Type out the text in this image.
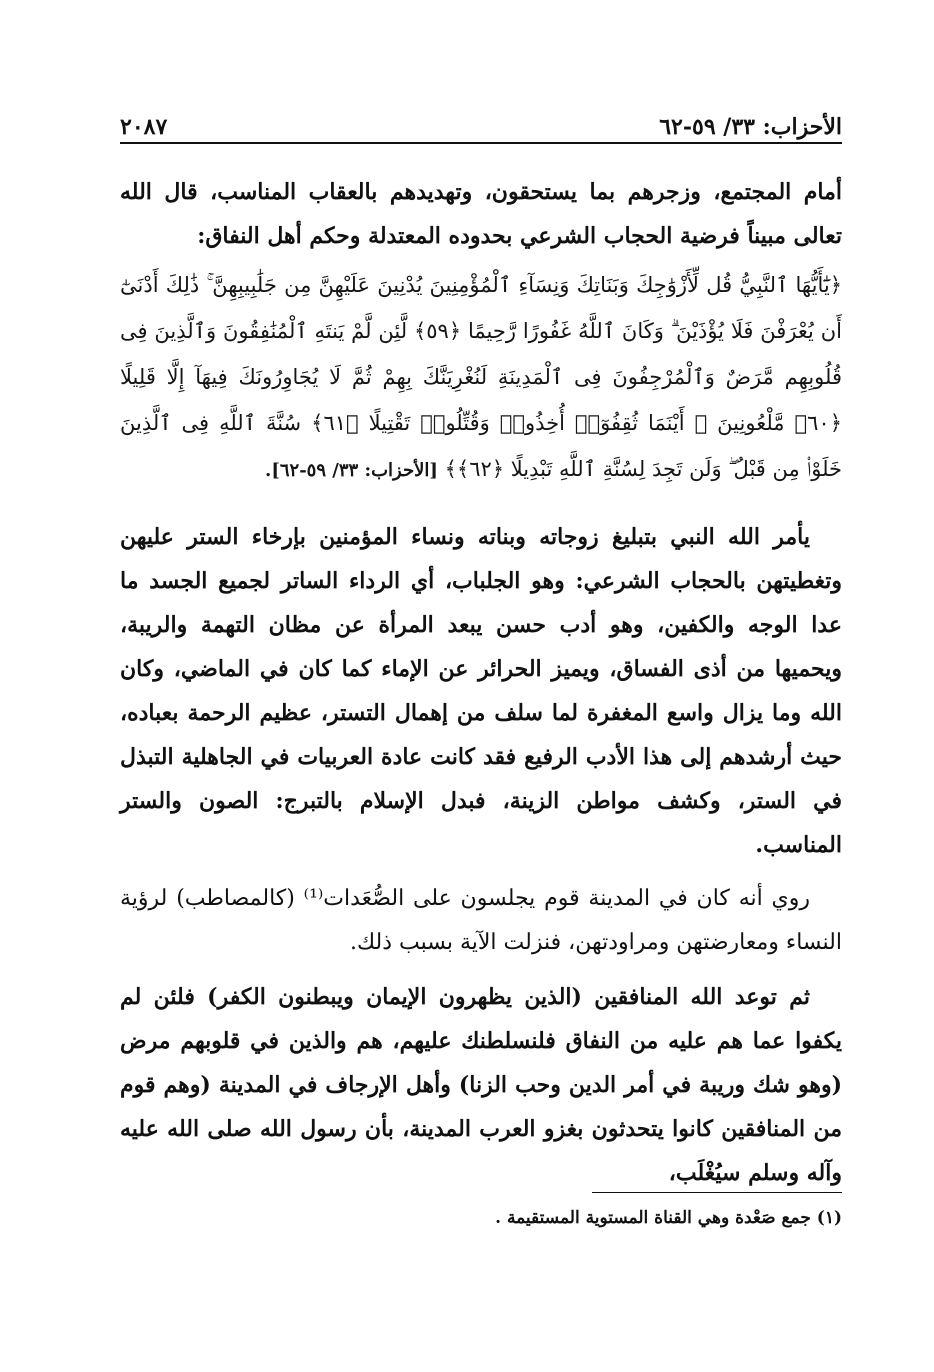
الأحزاب: ٣٣/ ٥٩-٦٢
٢٠٨٧

أمام المجتمع، وزجرهم بما يستحقون، وتهديدهم بالعقاب المناسب، قال الله تعالى مبيناً فرضية الحجاب الشرعي بحدوده المعتدلة وحكم أهل النفاق:

﴿يَٰٓأَيُّهَا ٱلنَّبِيُّ قُل لِّأَزْوَٰجِكَ وَبَنَاتِكَ وَنِسَآءِ ٱلْمُؤْمِنِينَ يُدْنِينَ عَلَيْهِنَّ مِن جَلَٰبِيبِهِنَّ ۚ ذَٰلِكَ أَدْنَىٰٓ أَن يُعْرَفْنَ فَلَا يُؤْذَيْنَ ۗ وَكَانَ ٱللَّهُ غَفُورًا رَّحِيمًا ﴿٥٩﴾ لَّئِن لَّمْ يَنتَهِ ٱلْمُنَٰفِقُونَ وَٱلَّذِينَ فِى قُلُوبِهِم مَّرَضٌ وَٱلْمُرْجِفُونَ فِى ٱلْمَدِينَةِ لَنُغْرِيَنَّكَ بِهِمْ ثُمَّ لَا يُجَاوِرُونَكَ فِيهَآ إِلَّا قَلِيلًا ﴿٦٠﴾ مَّلْعُونِينَ ۖ أَيْنَمَا ثُقِفُوٓا۟ أُخِذُوا۟ وَقُتِّلُوا۟ تَقْتِيلًا ﴿٦١﴾ سُنَّةَ ٱللَّهِ فِى ٱلَّذِينَ خَلَوْا۟ مِن قَبْلُ ۖ وَلَن تَجِدَ لِسُنَّةِ ٱللَّهِ تَبْدِيلًا ﴿٦٢﴾﴾ [الأحزاب: ٣٣/ ٥٩-٦٢].

يأمر الله النبي بتبليغ زوجاته وبناته ونساء المؤمنين بإرخاء الستر عليهن وتغطيتهن بالحجاب الشرعي: وهو الجلباب، أي الرداء الساتر لجميع الجسد ما عدا الوجه والكفين، وهو أدب حسن يبعد المرأة عن مظان التهمة والريبة، ويحميها من أذى الفساق، ويميز الحرائر عن الإماء كما كان في الماضي، وكان الله وما يزال واسع المغفرة لما سلف من إهمال التستر، عظيم الرحمة بعباده، حيث أرشدهم إلى هذا الأدب الرفيع فقد كانت عادة العربيات في الجاهلية التبذل في الستر، وكشف مواطن الزينة، فبدل الإسلام بالتبرج: الصون والستر المناسب.

روي أنه كان في المدينة قوم يجلسون على الصُّعَدات⁽¹⁾ (كالمصاطب) لرؤية النساء ومعارضتهن ومراودتهن، فنزلت الآية بسبب ذلك.

ثم توعد الله المنافقين (الذين يظهرون الإيمان ويبطنون الكفر) فلئن لم يكفوا عما هم عليه من النفاق فلنسلطنك عليهم، هم والذين في قلوبهم مرض (وهو شك وريبة في أمر الدين وحب الزنا) وأهل الإرجاف في المدينة (وهم قوم من المنافقين كانوا يتحدثون بغزو العرب المدينة، بأن رسول الله صلى الله عليه وآله وسلم سيُغْلَب،

(١) جمع صَعْدة وهي القناة المستوية المستقيمة .
